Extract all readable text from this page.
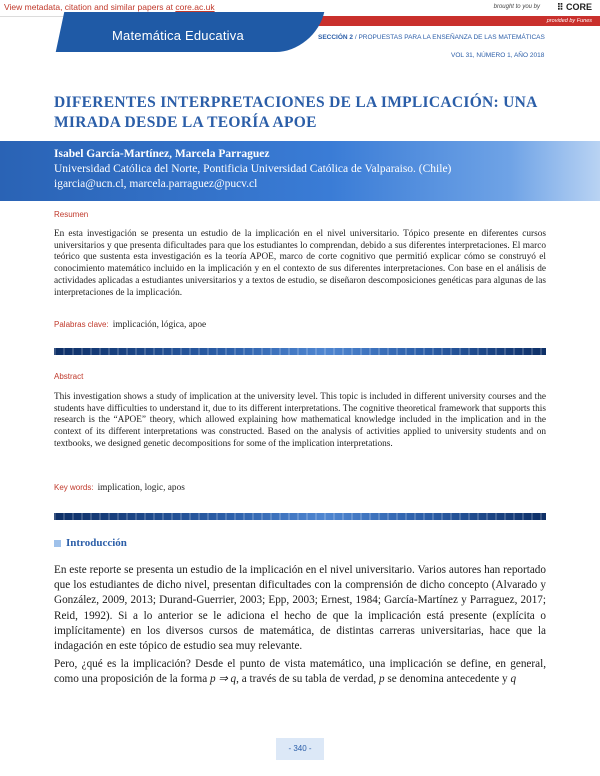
View metadata, citation and similar papers at core.ac.uk	brought to you by ⠿ CORE
provided by Funes
Matemática Educativa	SECCIÓN 2 / PROPUESTAS PARA LA ENSEÑANZA DE LAS MATEMÁTICAS
VOL 31, NÚMERO 1, AÑO 2018
DIFERENTES INTERPRETACIONES DE LA IMPLICACIÓN: UNA MIRADA DESDE LA TEORÍA APOE
Isabel García-Martínez, Marcela Parraguez
Universidad Católica del Norte, Pontificia Universidad Católica de Valparaiso. (Chile)
igarcia@ucn.cl, marcela.parraguez@pucv.cl
Resumen

En esta investigación se presenta un estudio de la implicación en el nivel universitario. Tópico presente en diferentes cursos universitarios y que presenta dificultades para que los estudiantes lo comprendan, debido a sus diferentes interpretaciones. El marco teórico que sustenta esta investigación es la teoría APOE, marco de corte cognitivo que permitió explicar cómo se construyó el conocimiento matemático incluido en la implicación y en el contexto de sus diferentes interpretaciones. Con base en el análisis de actividades aplicadas a estudiantes universitarios y a textos de estudio, se diseñaron descomposiciones genéticas para algunas de las interpretaciones de la implicación.

Palabras clave: implicación, lógica, apoe
Abstract

This investigation shows a study of implication at the university level. This topic is included in different university courses and the students have difficulties to understand it, due to its different interpretations. The cognitive theoretical framework that supports this research is the “APOE” theory, which allowed explaining how mathematical knowledge included in the implication and in the context of its different interpretations was constructed. Based on the analysis of activities applied to university students and on textbooks, we designed genetic decompositions for some of the implication interpretations.

Key words: implication, logic, apos
Introducción

En este reporte se presenta un estudio de la implicación en el nivel universitario. Varios autores han reportado que los estudiantes de dicho nivel, presentan dificultades con la comprensión de dicho concepto (Alvarado y González, 2009, 2013; Durand-Guerrier, 2003; Epp, 2003; Ernest, 1984; García-Martínez y Parraguez, 2017; Reid, 1992). Si a lo anterior se le adiciona el hecho de que la implicación está presente (explícita o implícitamente) en los diversos cursos de matemática, de distintas carreras universitarias, hace que la indagación en este tópico de estudio sea muy relevante.

Pero, ¿qué es la implicación? Desde el punto de vista matemático, una implicación se define, en general, como una proposición de la forma p ⇒ q, a través de su tabla de verdad, p se denomina antecedente y q

- 340 -
